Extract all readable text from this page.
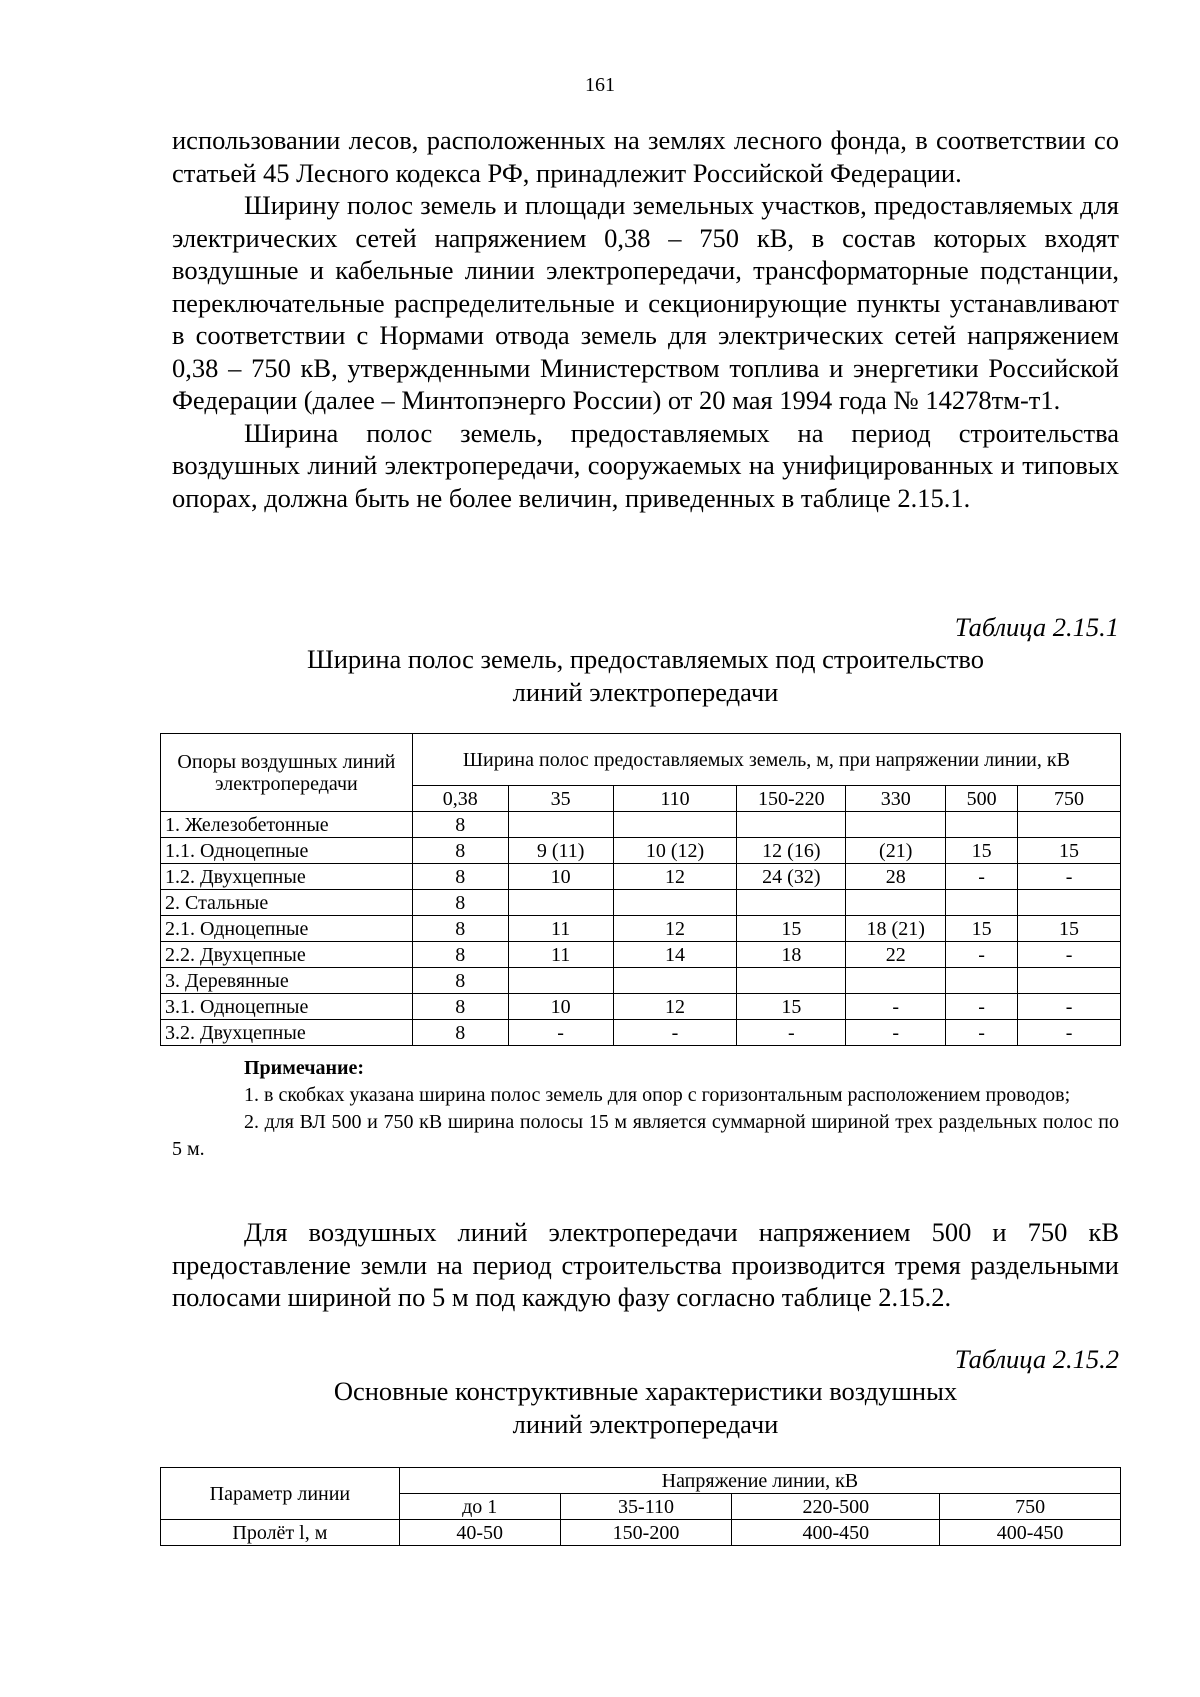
161

использовании лесов, расположенных на землях лесного фонда, в соответствии со статьей 45 Лесного кодекса РФ, принадлежит Российской Федерации.

Ширину полос земель и площади земельных участков, предоставляемых для электрических сетей напряжением 0,38 – 750 кВ, в состав которых входят воздушные и кабельные линии электропередачи, трансформаторные подстанции, переключательные распределительные и секционирующие пункты устанавливают в соответствии с Нормами отвода земель для электрических сетей напряжением 0,38 – 750 кВ, утвержденными Министерством топлива и энергетики Российской Федерации (далее – Минтопэнерго России) от 20 мая 1994 года № 14278тм-т1.

Ширина полос земель, предоставляемых на период строительства воздушных линий электропередачи, сооружаемых на унифицированных и типовых опорах, должна быть не более величин, приведенных в таблице 2.15.1.

Таблица 2.15.1
Ширина полос земель, предоставляемых под строительство
линий электропередачи
Опоры воздушных линий электропередачи	Ширина полос предоставляемых земель, м, при напряжении линии, кВ						
	0,38	35	110	150-220	330	500	750
1. Железобетонные	8						
1.1. Одноцепные	8	9 (11)	10 (12)	12 (16)	(21)	15	15
1.2. Двухцепные	8	10	12	24 (32)	28	-	-
2. Стальные	8						
2.1. Одноцепные	8	11	12	15	18 (21)	15	15
2.2. Двухцепные	8	11	14	18	22	-	-
3. Деревянные	8						
3.1. Одноцепные	8	10	12	15	-	-	-
3.2. Двухцепные	8	-	-	-	-	-	-
Примечание:
1. в скобках указана ширина полос земель для опор с горизонтальным расположением проводов;
2. для ВЛ 500 и 750 кВ ширина полосы 15 м является суммарной шириной трех раздельных полос по 5 м.

Для воздушных линий электропередачи напряжением 500 и 750 кВ предоставление земли на период строительства производится тремя раздельными полосами шириной по 5 м под каждую фазу согласно таблице 2.15.2.

Таблица 2.15.2
Основные конструктивные характеристики воздушных
линий электропередачи
Параметр линии	Напряжение линии, кВ			
	до 1	35-110	220-500	750
Пролёт l, м	40-50	150-200	400-450	400-450
